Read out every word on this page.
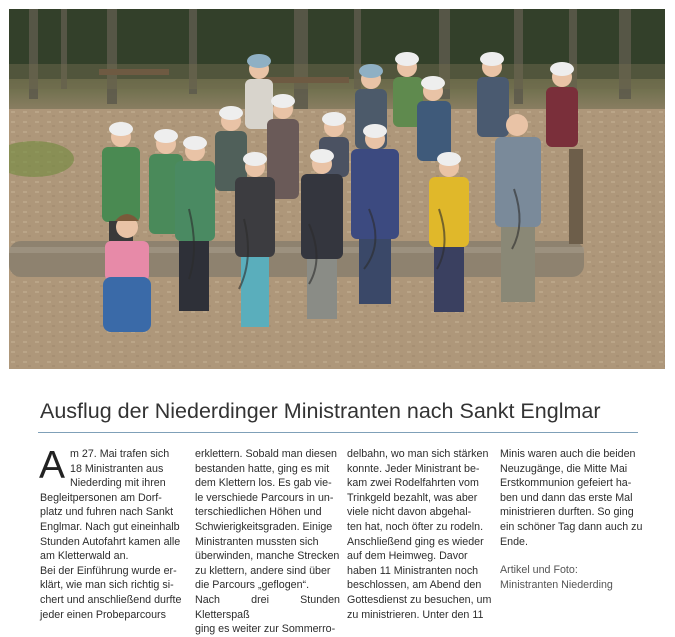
Ausflug der Niederdinger Ministranten nach Sankt Englmar
A m 27. Mai trafen sich
18 Ministranten aus
Niederding mit ihren
Begleitpersonen am Dorf-
platz und fuhren nach Sankt
Englmar. Nach gut eineinhalb
Stunden Autofahrt kamen alle
am Kletterwald an.
Bei der Einführung wurde er-
klärt, wie man sich richtig si-
chert und anschließend durfte
jeder einen Probeparcours

erklettern. Sobald man diesen
bestanden hatte, ging es mit
dem Klettern los. Es gab vie-
le verschiede Parcours in un-
terschiedlichen Höhen und
Schwierigkeitsgraden. Einige
Ministranten mussten sich
überwinden, manche Strecken
zu klettern, andere sind über
die Parcours „geflogen“.
Nach drei Stunden Kletterspaß
ging es weiter zur Sommerro-

delbahn, wo man sich stärken
konnte. Jeder Ministrant be-
kam zwei Rodelfahrten vom
Trinkgeld bezahlt, was aber
viele nicht davon abgehal-
ten hat, noch öfter zu rodeln.
Anschließend ging es wieder
auf dem Heimweg. Davor
haben 11 Ministranten noch
beschlossen, am Abend den
Gottesdienst zu besuchen, um
zu ministrieren. Unter den 11

Minis waren auch die beiden
Neuzugänge, die Mitte Mai
Erstkommunion gefeiert ha-
ben und dann das erste Mal
ministrieren durften. So ging
ein schöner Tag dann auch zu
Ende.

Artikel und Foto:
Ministranten Niederding
